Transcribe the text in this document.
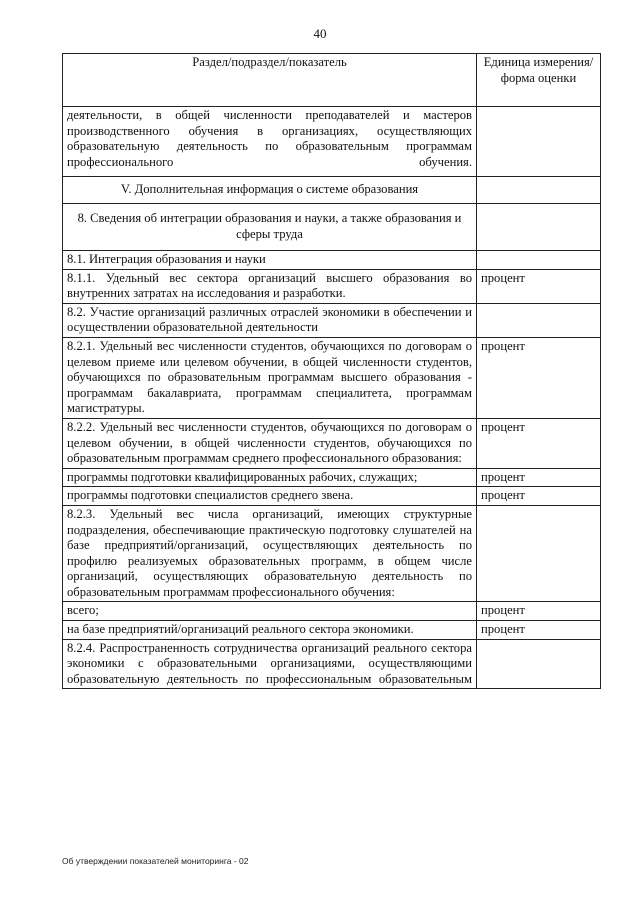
40
Раздел/подраздел/показатель	Единица измерения/ форма оценки
деятельности, в общей численности преподавателей и мастеров производственного обучения в организациях, осуществляющих образовательную деятельность по образовательным программам профессионального обучения.	
V. Дополнительная информация о системе образования	
8. Сведения об интеграции образования и науки, а также образования и сферы труда	
8.1. Интеграция образования и науки	
8.1.1. Удельный вес сектора организаций высшего образования во внутренних затратах на исследования и разработки.	процент
8.2. Участие организаций различных отраслей экономики в обеспечении и осуществлении образовательной деятельности	
8.2.1. Удельный вес численности студентов, обучающихся по договорам о целевом приеме или целевом обучении, в общей численности студентов, обучающихся по образовательным программам высшего образования - программам бакалавриата, программам специалитета, программам магистратуры.	процент
8.2.2. Удельный вес численности студентов, обучающихся по договорам о целевом обучении, в общей численности студентов, обучающихся по образовательным программам среднего профессионального образования:	процент
программы подготовки квалифицированных рабочих, служащих;	процент
программы подготовки специалистов среднего звена.	процент
8.2.3. Удельный вес числа организаций, имеющих структурные подразделения, обеспечивающие практическую подготовку слушателей на базе предприятий/организаций, осуществляющих деятельность по профилю реализуемых образовательных программ, в общем числе организаций, осуществляющих образовательную деятельность по образовательным программам профессионального обучения:	
всего;	процент
на базе предприятий/организаций реального сектора экономики.	процент
8.2.4. Распространенность сотрудничества организаций реального сектора экономики с образовательными организациями, осуществляющими образовательную деятельность по профессиональным образовательным	
Об утверждении показателей мониторинга - 02
